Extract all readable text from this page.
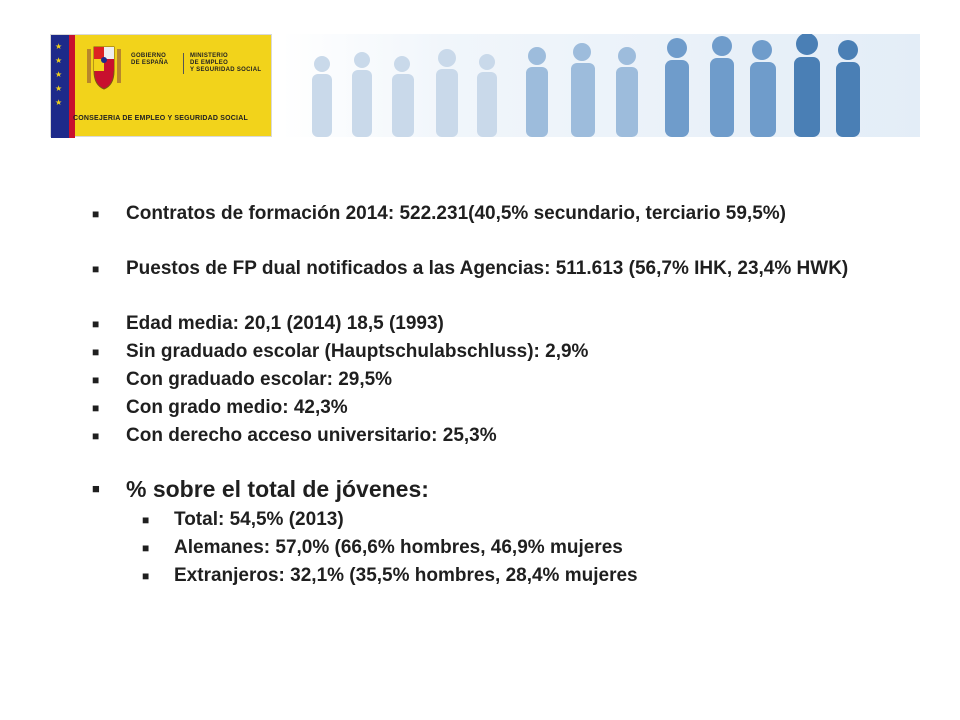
★
★
★
★
★
GOBIERNO
DE ESPAÑA
MINISTERIO
DE EMPLEO
Y SEGURIDAD SOCIAL
CONSEJERIA DE EMPLEO Y SEGURIDAD SOCIAL
■ Contratos de formación 2014: 522.231(40,5% secundario, terciario 59,5%)
■ Puestos de FP dual notificados a las Agencias: 511.613 (56,7% IHK, 23,4% HWK)
■ Edad media: 20,1 (2014) 18,5 (1993)
■ Sin graduado escolar (Hauptschulabschluss): 2,9%
■ Con graduado escolar: 29,5%
■ Con grado medio: 42,3%
■ Con derecho acceso universitario: 25,3%
■ % sobre el total de jóvenes:
■ Total: 54,5% (2013)
■ Alemanes: 57,0% (66,6% hombres, 46,9% mujeres
■ Extranjeros: 32,1% (35,5% hombres, 28,4% mujeres
